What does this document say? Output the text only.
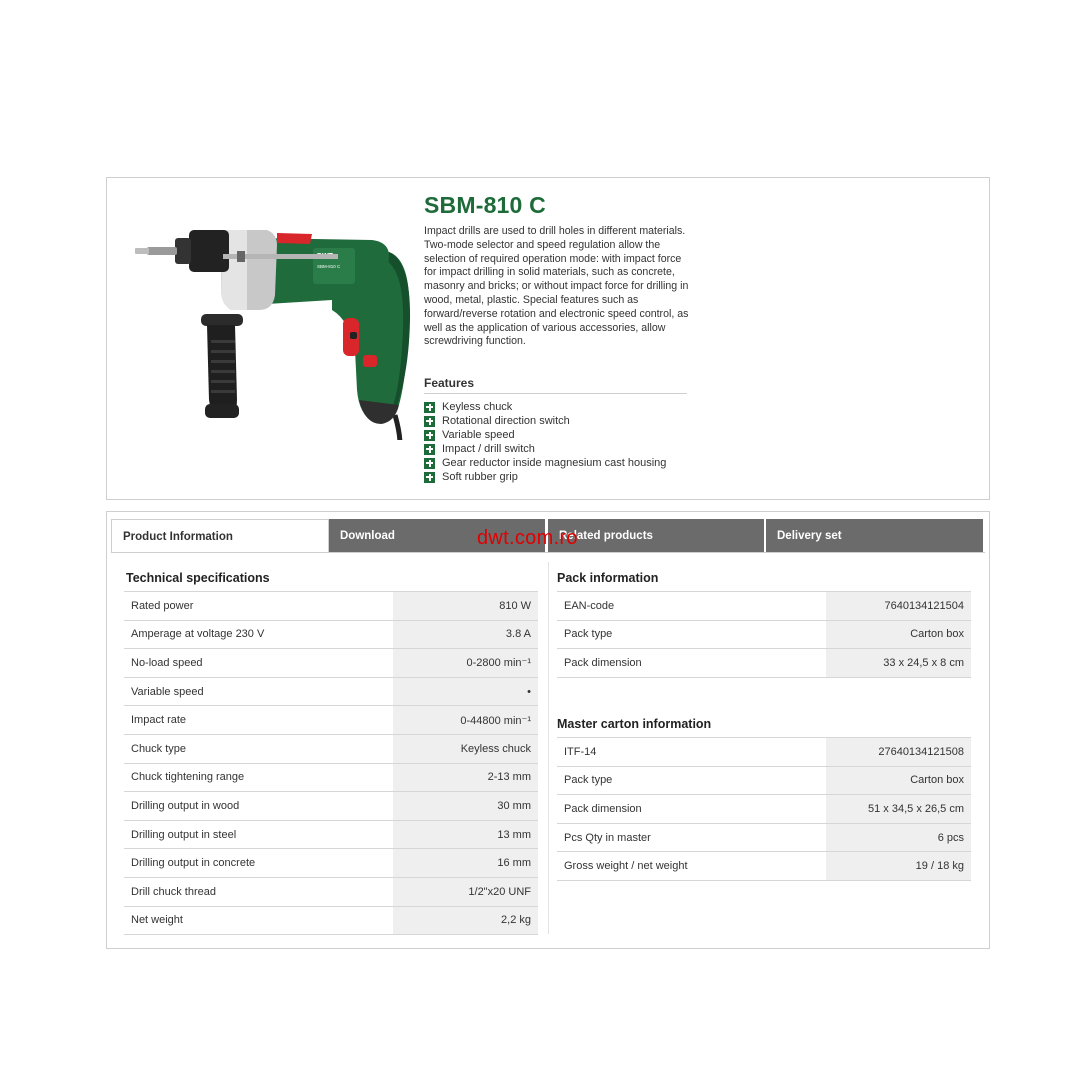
SBM-810 C
SBM-810 C

Impact drills are used to drill holes in different materials. Two-mode selector and speed regulation allow the selection of required operation mode: with impact force for impact drilling in solid materials, such as concrete, masonry and bricks; or without impact force for drilling in wood, metal, plastic. Special features such as forward/reverse rotation and electronic speed control, as well as the application of various accessories, allow screwdriving function.

Features
Keyless chuck
Rotational direction switch
Variable speed
Impact / drill switch
Gear reductor inside magnesium cast housing
Soft rubber grip
Product Information	Download	Related products	Delivery set
dwt.com.ro
Technical specifications
Rated power	810 W
Amperage at voltage 230 V	3.8 A
No-load speed	0-2800 min⁻¹
Variable speed	•
Impact rate	0-44800 min⁻¹
Chuck type	Keyless chuck
Chuck tightening range	2-13 mm
Drilling output in wood	30 mm
Drilling output in steel	13 mm
Drilling output in concrete	16 mm
Drill chuck thread	1/2"x20 UNF
Net weight	2,2 kg
Pack information
EAN-code	7640134121504
Pack type	Carton box
Pack dimension	33 x 24,5 x 8 cm
Master carton information
ITF-14	27640134121508
Pack type	Carton box
Pack dimension	51 x 34,5 x 26,5 cm
Pcs Qty in master	6 pcs
Gross weight / net weight	19 / 18 kg
